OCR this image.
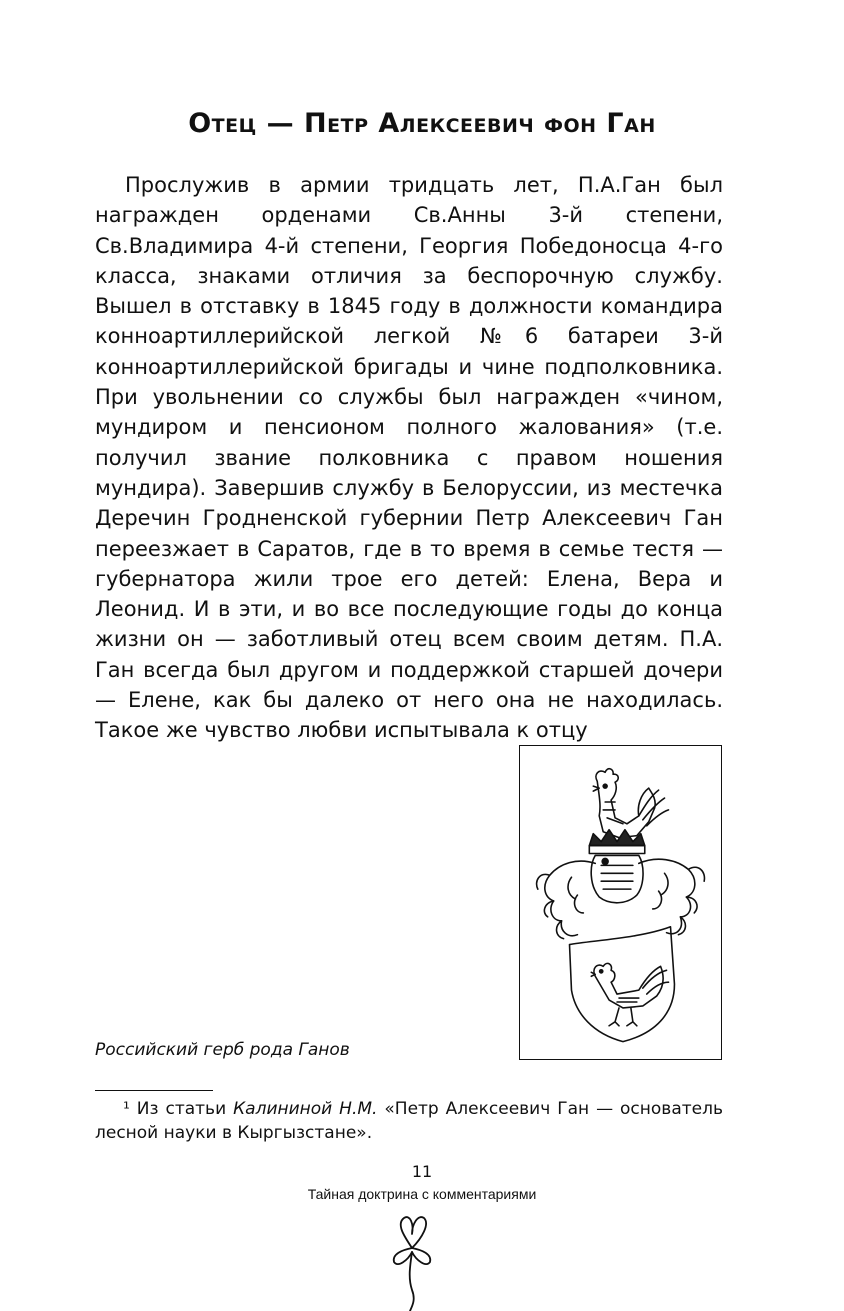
Отец — Петр Алексеевич фон Ган

Прослужив в армии тридцать лет, П.А.Ган был награжден орденами Св.Анны 3-й степени, Св.Владимира 4-й степени, Георгия Победоносца 4-го класса, знаками отличия за беспорочную службу. Вышел в отставку в 1845 году в должности командира конноартиллерийской легкой №6 батареи 3-й конноартиллерийской бригады и чине подполковника. При увольнении со службы был награжден «чином, мундиром и пенсионом полного жалования» (т.е. получил звание полковника с правом ношения мундира). Завершив службу в Белоруссии, из местечка Деречин Гродненской губернии Петр Алексеевич Ган переезжает в Саратов, где в то время в семье тестя — губернатора жили трое его детей: Елена, Вера и Леонид. И в эти, и во все последующие годы до конца жизни он — заботливый отец всем своим детям. П.А. Ган всегда был другом и поддержкой старшей дочери — Елене, как бы далеко от него она не находилась. Такое же чувство любви испытывала к отцу

Российский герб рода Ганов

¹ Из статьи Калининой Н.М. «Петр Алексеевич Ган — основатель лесной науки в Кыргызстане».

11
Тайная доктрина с комментариями
